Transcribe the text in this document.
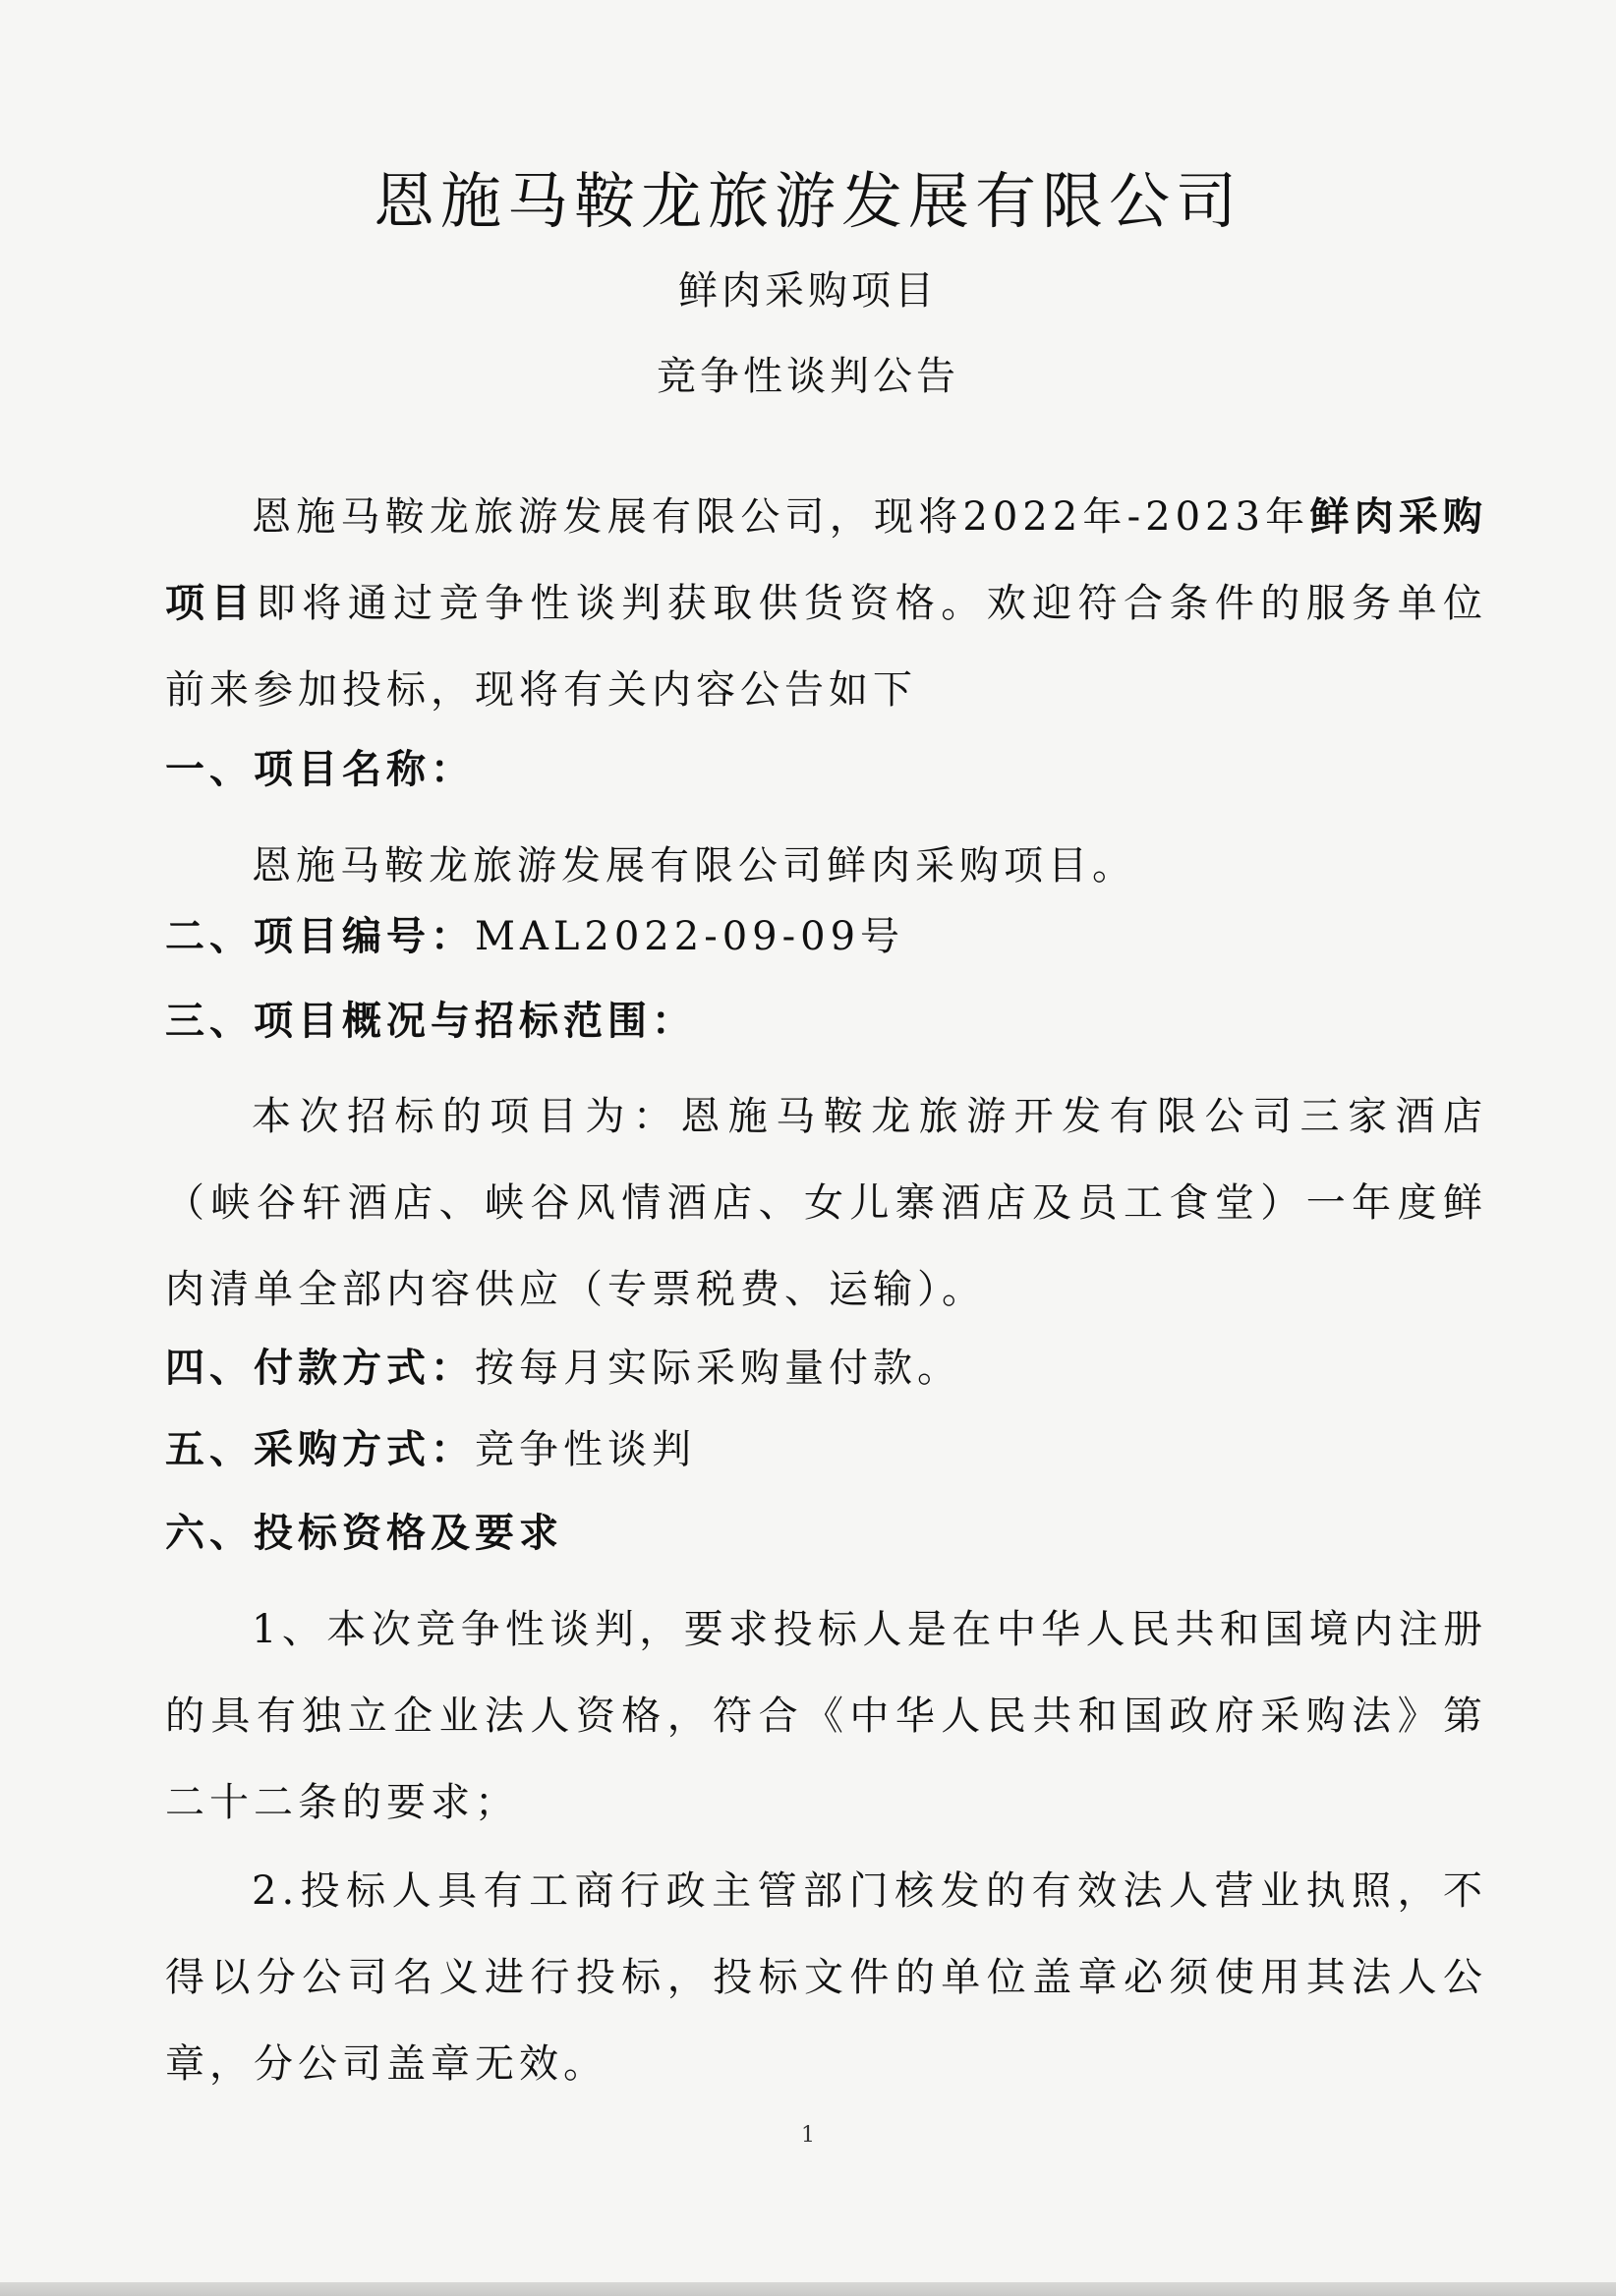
恩施马鞍龙旅游发展有限公司
鲜肉采购项目
竞争性谈判公告
恩施马鞍龙旅游发展有限公司，现将2022年-2023年鲜肉采购项目即将通过竞争性谈判获取供货资格。欢迎符合条件的服务单位前来参加投标，现将有关内容公告如下
一、项目名称：
恩施马鞍龙旅游发展有限公司鲜肉采购项目。
二、项目编号：MAL2022-09-09号
三、项目概况与招标范围：
本次招标的项目为：恩施马鞍龙旅游开发有限公司三家酒店（峡谷轩酒店、峡谷风情酒店、女儿寨酒店及员工食堂）一年度鲜肉清单全部内容供应（专票税费、运输）。
四、付款方式：按每月实际采购量付款。
五、采购方式：竞争性谈判
六、投标资格及要求
1、本次竞争性谈判，要求投标人是在中华人民共和国境内注册的具有独立企业法人资格，符合《中华人民共和国政府采购法》第二十二条的要求；
2.投标人具有工商行政主管部门核发的有效法人营业执照，不得以分公司名义进行投标，投标文件的单位盖章必须使用其法人公章，分公司盖章无效。
1
